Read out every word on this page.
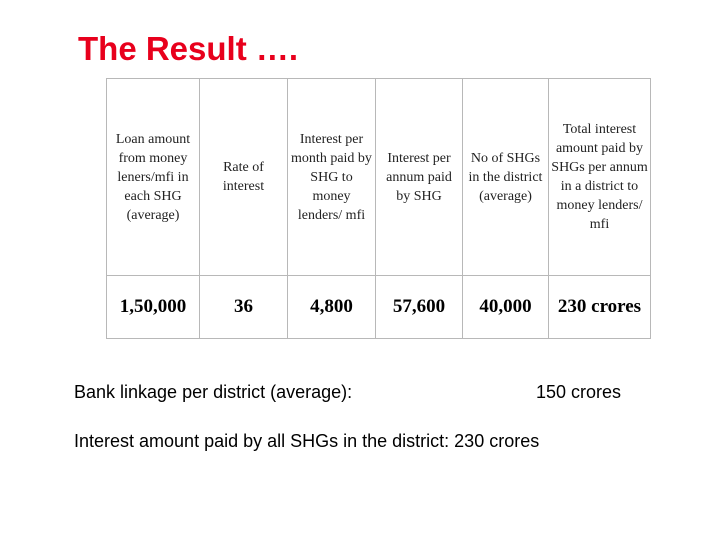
The Result ….
Loan amount from money leners/mfi in each SHG (average)	Rate of interest	Interest per month paid by SHG to money lenders/ mfi	Interest per annum paid by SHG	No of SHGs in the district (average)	Total interest amount paid by SHGs per annum in a district to money lenders/ mfi
1,50,000	36	4,800	57,600	40,000	230 crores
Bank linkage per district (average):	150 crores
Interest amount paid by all SHGs in the district: 230 crores
